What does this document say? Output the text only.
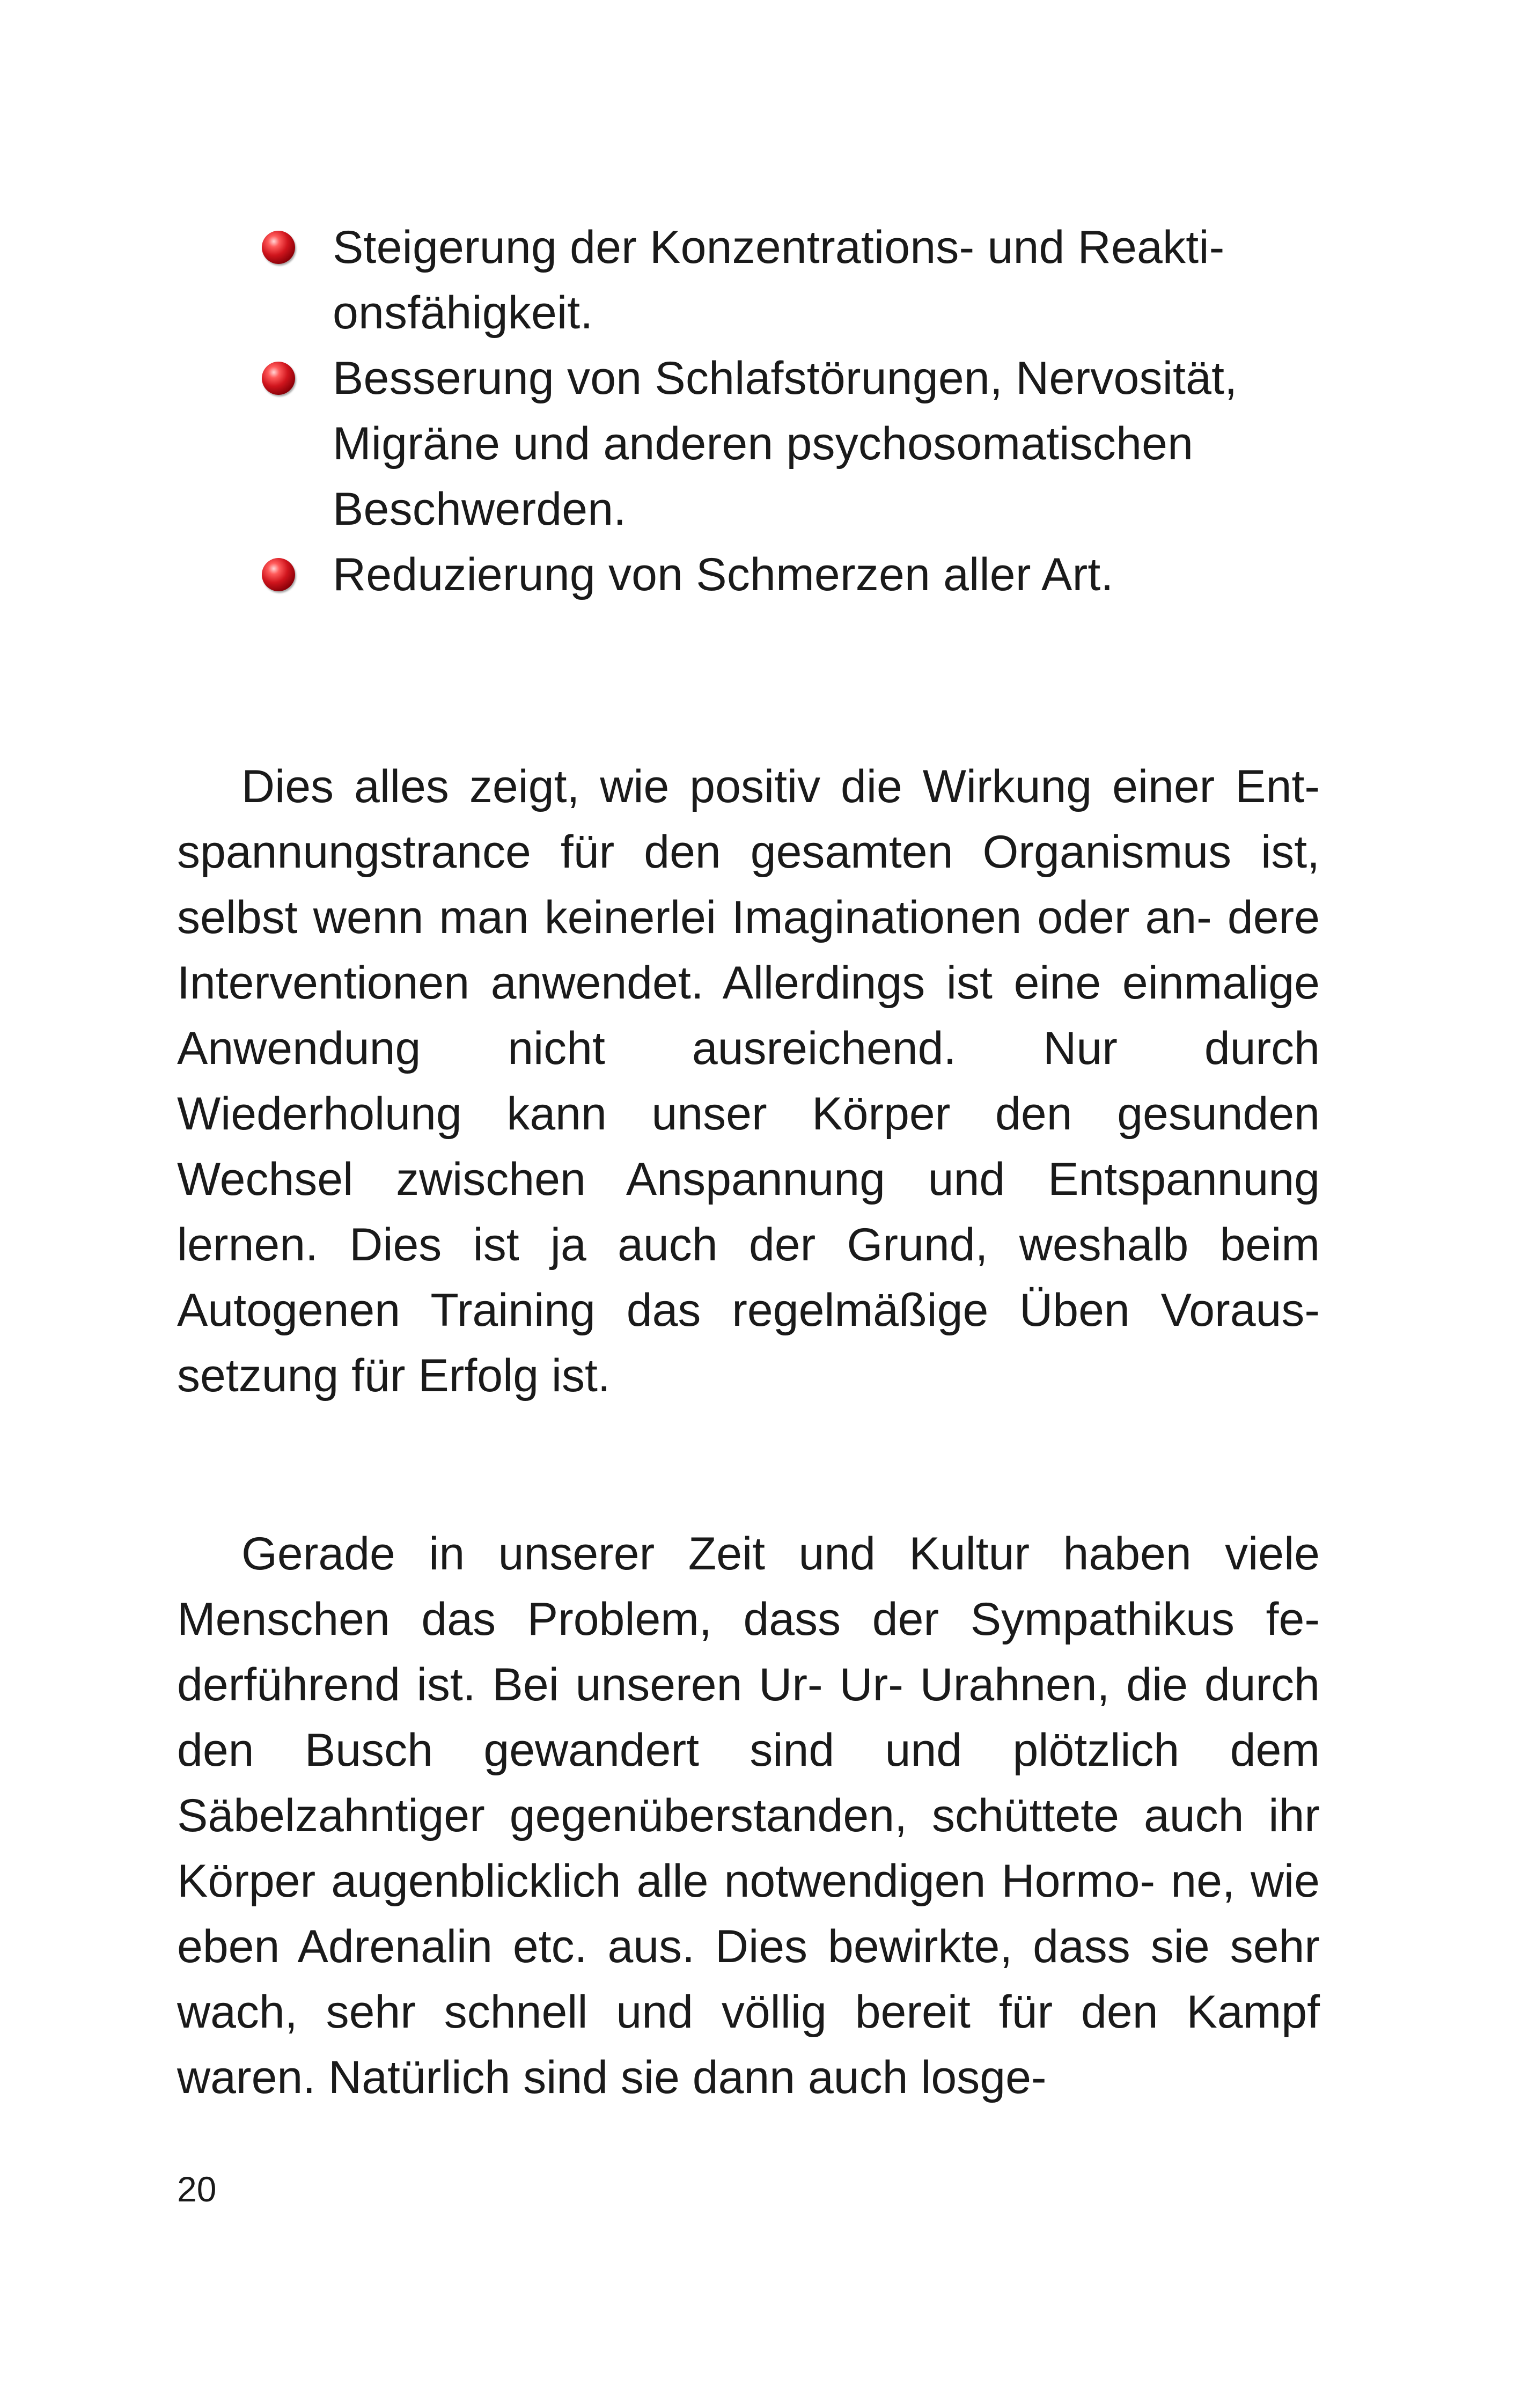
Steigerung der Konzentrations- und Reakti- onsfähigkeit.
Besserung von Schlafstörungen, Nervosität, Migräne und anderen psychosomatischen Beschwerden.
Reduzierung von Schmerzen aller Art.

Dies alles zeigt, wie positiv die Wirkung einer Ent- spannungstrance für den gesamten Organismus ist, selbst wenn man keinerlei Imaginationen oder an- dere Interventionen anwendet. Allerdings ist eine einmalige Anwendung nicht ausreichend. Nur durch Wiederholung kann unser Körper den gesunden Wechsel zwischen Anspannung und Entspannung lernen. Dies ist ja auch der Grund, weshalb beim Autogenen Training das regelmäßige Üben Voraus- setzung für Erfolg ist.

Gerade in unserer Zeit und Kultur haben viele Menschen das Problem, dass der Sympathikus fe- derführend ist. Bei unseren Ur- Ur- Urahnen, die durch den Busch gewandert sind und plötzlich dem Säbelzahntiger gegenüberstanden, schüttete auch ihr Körper augenblicklich alle notwendigen Hormo- ne, wie eben Adrenalin etc. aus. Dies bewirkte, dass sie sehr wach, sehr schnell und völlig bereit für den Kampf waren. Natürlich sind sie dann auch losge-

20
